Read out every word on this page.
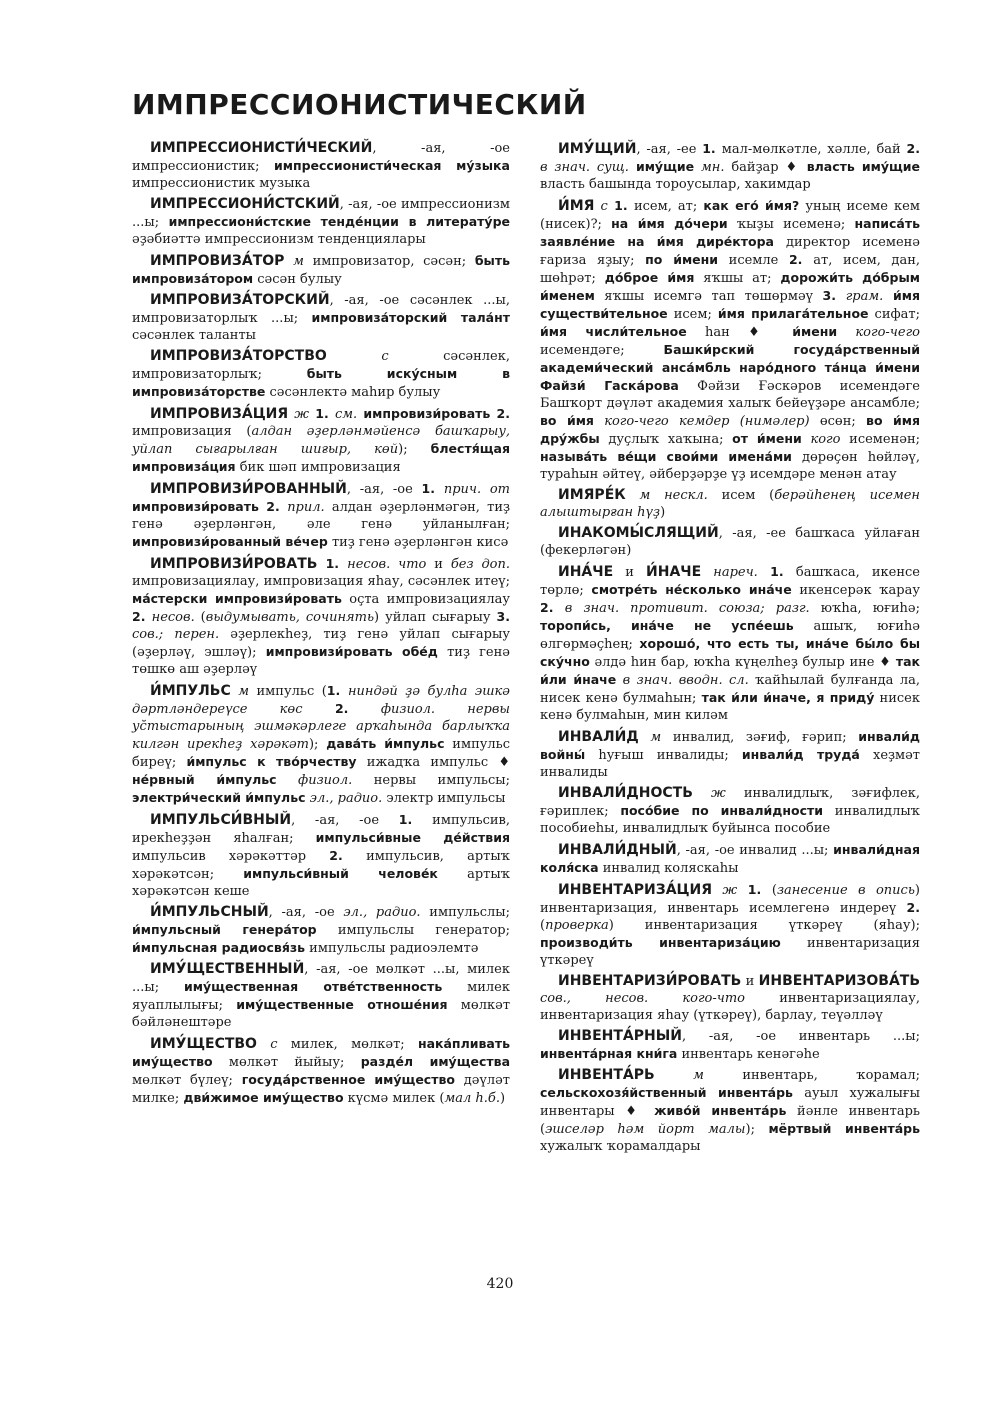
ИМПРЕССИОНИСТИЧЕСКИЙ

ИМПРЕССИОНИСТИ́ЧЕСКИЙ, -ая, -ое импрессионистик; импрессионисти́ческая му́зыка импрессионистик музыка

ИМПРЕССИОНИ́СТСКИЙ, -ая, -ое импрессионизм ...ы; импрессиони́стские тенде́нции в литерату́ре әҙәбиәттә импрессионизм тенденциялары

ИМПРОВИЗА́ТОР м импровизатор, сәсән; быть импровиза́тором сәсән булыу

ИМПРОВИЗА́ТОРСКИЙ, -ая, -ое сәсәнлек ...ы, импровизаторлыҡ ...ы; импровиза́торский тала́нт сәсәнлек таланты

ИМПРОВИЗА́ТОРСТВО с сәсәнлек, импровизаторлыҡ; быть иску́сным в импровиза́торстве сәсәнлектә маһир булыу

ИМПРОВИЗА́ЦИЯ ж 1. см. импровизи́ровать 2. импровизация (алдан әҙерләнмәйенсә башҡарыу, уйлап сығарылған шиғыр, көй); блестя́щая импровиза́ция бик шәп импровизация

ИМПРОВИЗИ́РОВАННЫЙ, -ая, -ое 1. прич. от импровизи́ровать 2. прил. алдан әҙерләнмәгән, тиҙ генә әҙерләнгән, әле генә уйланылған; импровизи́рованный ве́чер тиҙ генә әҙерләнгән кисә

ИМПРОВИЗИ́РОВАТЬ 1. несов. что и без доп. импровизациялау, импровизация яһау, сәсәнлек итеү; ма́стерски импровизи́ровать оҫта импровизациялау 2. несов. (выдумывать, сочинять) уйлап сығарыу 3. сов.; перен. әҙерлекһеҙ, тиҙ генә уйлап сығарыу (әҙерләү, эшләү); импровизи́ровать обе́д тиҙ генә төшкө аш әҙерләү

И́МПУЛЬС м импульс (1. ниндәй ҙә булһа эшкә дәртләндереүсе көс 2. физиол. нервы ус̆тыстарының эшмәкәрлеге арҡаһында барлыҡҡа килгән ирекһеҙ хәрәкәт); дава́ть и́мпульс импульс биреү; и́мпульс к тво́рчеству ижадҡа импульс ♦ не́рвный и́мпульс физиол. нервы импульсы; электри́ческий и́мпульс эл., радио. электр импульсы

ИМПУЛЬСИ́ВНЫЙ, -ая, -ое 1. импульсив, ирекһеҙҙән яһалған; импульси́вные де́йствия импульсив хәрәкәттәр 2. импульсив, артыҡ хәрәкәтсән; импульси́вный челове́к артыҡ хәрәкәтсән кеше

И́МПУЛЬСНЫЙ, -ая, -ое эл., радио. импульслы; и́мпульсный генера́тор импульслы генератор; и́мпульсная радиосвя́зь импульслы радиоэлемтә

ИМУ́ЩЕСТВЕННЫЙ, -ая, -ое мөлкәт ...ы, милек ...ы; иму́щественная отве́тственность милек яуаплылығы; иму́щественные отноше́ния мөлкәт бәйләнештәре

ИМУ́ЩЕСТВО с милек, мөлкәт; нака́пливать иму́щество мөлкәт йыйыу; разде́л иму́щества мөлкәт бүлеү; госуда́рственное иму́щество дәүләт милке; дви́жимое иму́щество күсмә милек (мал һ.б.)

ИМУ́ЩИЙ, -ая, -ее 1. мал-мөлкәтле, хәлле, бай 2. в знач. сущ. иму́щие мн. байҙар ♦ власть иму́щие власть башында тороусылар, хакимдар

И́МЯ с 1. исем, ат; как его́ и́мя? уның исеме кем (нисек)?; на и́мя до́чери ҡыҙы исеменә; написа́ть заявле́ние на и́мя дире́ктора директор исеменә ғариза яҙыу; по и́мени исемле 2. ат, исем, дан, шөһрәт; до́брое и́мя яҡшы ат; дорожи́ть до́брым и́менем яҡшы исемгә тап төшөрмәү 3. грам. и́мя существи́тельное исем; и́мя прилага́тельное сифат; и́мя числи́тельное һан ♦ и́мени кого-чего исемендәге; Башки́рский госуда́рственный академи́ческий анса́мбль наро́дного та́нца и́мени Файзи́ Гаска́рова Фәйзи Ғәскәров исемендәге Башҡорт дәүләт академия халыҡ бейеүҙәре ансамбле; во и́мя кого-чего кемдер (нимәлер) өсөн; во и́мя дру́жбы дуҫлыҡ хаҡына; от и́мени кого исеменән; называ́ть ве́щи свои́ми имена́ми дөрөҫөн һөйләү, тураһын әйтеү, әйберҙәрҙе үҙ исемдәре менән атау

ИМЯРЕ́К м нескл. исем (берәйһенең исемен алыштырған һүҙ)

ИНАКОМЫ́СЛЯЩИЙ, -ая, -ее башҡаса уйлаған (фекерләгән)

ИНА́ЧЕ и И́НАЧЕ нареч. 1. башҡаса, икенсе төрлө; смотре́ть не́сколько ина́че икенсерәк ҡарау 2. в знач. противит. союза; разг. юҡһа, юғиһә; торопи́сь, ина́че не успе́ешь ашыҡ, юғиһә өлгөрмәҫһең; хорошо́, что есть ты, ина́че бы́ло бы ску́чно әлдә һин бар, юҡһа күңелһеҙ булыр ине ♦ так и́ли и́наче в знач. вводн. сл. ҡайһылай булғанда ла, нисек кенә булмаһын; так и́ли и́наче, я приду́ нисек кенә булмаһын, мин киләм

ИНВАЛИ́Д м инвалид, зәғиф, ғәрип; инвали́д войны́ һуғыш инвалиды; инвали́д труда́ хеҙмәт инвалиды

ИНВАЛИ́ДНОСТЬ ж инвалидлыҡ, зәғифлек, ғәриплек; посо́бие по инвали́дности инвалидлыҡ пособиеһы, инвалидлыҡ буйынса пособие

ИНВАЛИ́ДНЫЙ, -ая, -ое инвалид ...ы; инвали́дная коля́ска инвалид коляскаһы

ИНВЕНТАРИЗА́ЦИЯ ж 1. (занесение в опись) инвентаризация, инвентарь исемлегенә индереү 2. (проверка) инвентаризация үткәреү (яһау); производи́ть инвентариза́цию инвентаризация үткәреү

ИНВЕНТАРИЗИ́РОВАТЬ и ИНВЕНТАРИЗОВА́ТЬ сов., несов. кого-что инвентаризациялау, инвентаризация яһау (үткәреү), барлау, теүәлләү

ИНВЕНТА́РНЫЙ, -ая, -ое инвентарь ...ы; инвента́рная кни́га инвентарь кенәгәһе

ИНВЕНТА́РЬ м инвентарь, ҡорамал; сельскохозя́йственный инвента́рь ауыл хужалығы инвентары ♦ живо́й инвента́рь йәнле инвентарь (эшселәр һәм йорт малы); мёртвый инвента́рь хужалыҡ ҡорамалдары

420
